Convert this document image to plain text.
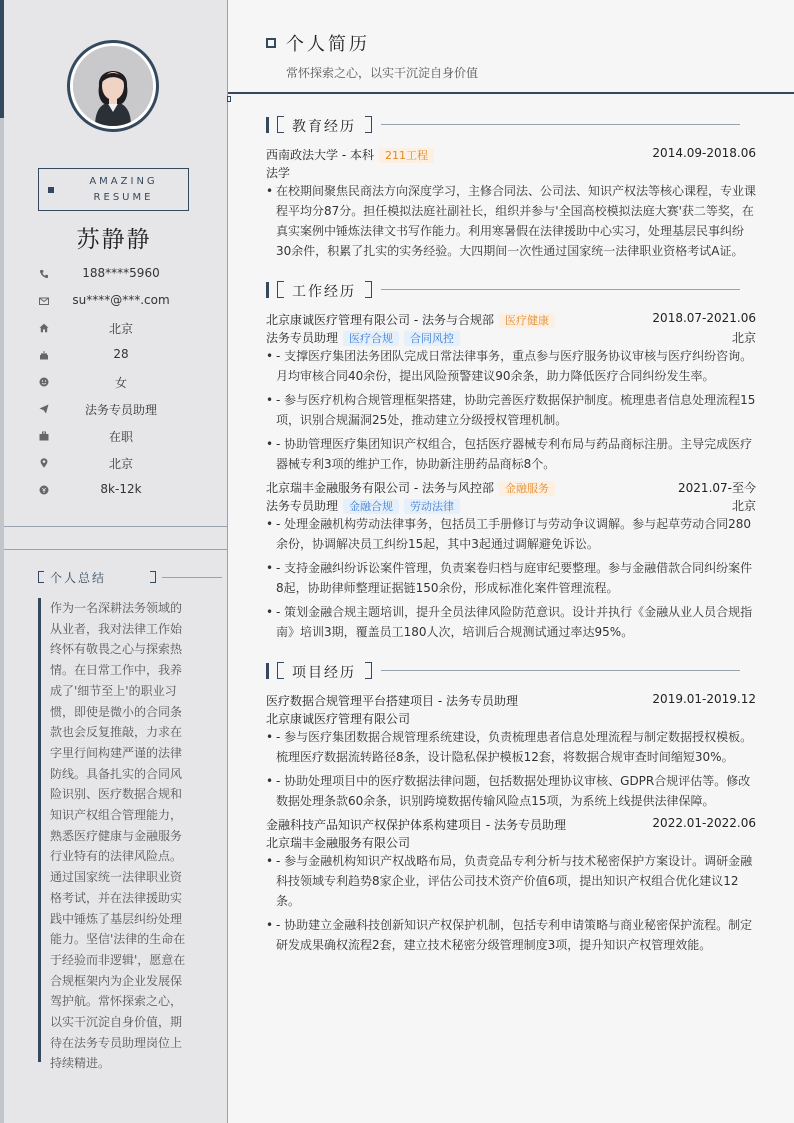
AMAZING
RESUME
苏静静
188****5960
su****@***.com
北京
28
女
法务专员助理
在职
北京
8k-12k
个人总结
作为一名深耕法务领域的从业者，我对法律工作始终怀有敬畏之心与探索热情。在日常工作中，我养成了'细节至上'的职业习惯，即使是微小的合同条款也会反复推敲，力求在字里行间构建严谨的法律防线。具备扎实的合同风险识别、医疗数据合规和知识产权组合管理能力，熟悉医疗健康与金融服务行业特有的法律风险点。通过国家统一法律职业资格考试，并在法律援助实践中锤炼了基层纠纷处理能力。坚信'法律的生命在于经验而非逻辑'，愿意在合规框架内为企业发展保驾护航。常怀探索之心，以实干沉淀自身价值，期待在法务专员助理岗位上持续精进。
个人简历
常怀探索之心，以实干沉淀自身价值
教育经历
西南政法大学 - 本科 211工程	2014.09-2018.06
法学
• 在校期间聚焦民商法方向深度学习，主修合同法、公司法、知识产权法等核心课程，专业课程平均分87分。担任模拟法庭社副社长，组织并参与'全国高校模拟法庭大赛'获二等奖，在真实案例中锤炼法律文书写作能力。利用寒暑假在法律援助中心实习，处理基层民事纠纷30余件，积累了扎实的实务经验。大四期间一次性通过国家统一法律职业资格考试A证。
工作经历
北京康诚医疗管理有限公司 - 法务与合规部 医疗健康	2018.07-2021.06
法务专员助理 医疗合规 合同风控	北京
• - 支撑医疗集团法务团队完成日常法律事务，重点参与医疗服务协议审核与医疗纠纷咨询。月均审核合同40余份，提出风险预警建议90余条，助力降低医疗合同纠纷发生率。
• - 参与医疗机构合规管理框架搭建，协助完善医疗数据保护制度。梳理患者信息处理流程15项，识别合规漏洞25处，推动建立分级授权管理机制。
• - 协助管理医疗集团知识产权组合，包括医疗器械专利布局与药品商标注册。主导完成医疗器械专利3项的维护工作，协助新注册药品商标8个。
北京瑞丰金融服务有限公司 - 法务与风控部 金融服务	2021.07-至今
法务专员助理 金融合规 劳动法律	北京
• - 处理金融机构劳动法律事务，包括员工手册修订与劳动争议调解。参与起草劳动合同280余份，协调解决员工纠纷15起，其中3起通过调解避免诉讼。
• - 支持金融纠纷诉讼案件管理，负责案卷归档与庭审纪要整理。参与金融借款合同纠纷案件8起，协助律师整理证据链150余份，形成标准化案件管理流程。
• - 策划金融合规主题培训，提升全员法律风险防范意识。设计并执行《金融从业人员合规指南》培训3期，覆盖员工180人次，培训后合规测试通过率达95%。
项目经历
医疗数据合规管理平台搭建项目 - 法务专员助理	2019.01-2019.12
北京康诚医疗管理有限公司
• - 参与医疗集团数据合规管理系统建设，负责梳理患者信息处理流程与制定数据授权模板。梳理医疗数据流转路径8条，设计隐私保护模板12套，将数据合规审查时间缩短30%。
• - 协助处理项目中的医疗数据法律问题，包括数据处理协议审核、GDPR合规评估等。修改数据处理条款60余条，识别跨境数据传输风险点15项，为系统上线提供法律保障。
金融科技产品知识产权保护体系构建项目 - 法务专员助理	2022.01-2022.06
北京瑞丰金融服务有限公司
• - 参与金融机构知识产权战略布局，负责竞品专利分析与技术秘密保护方案设计。调研金融科技领域专利趋势8家企业，评估公司技术资产价值6项，提出知识产权组合优化建议12条。
• - 协助建立金融科技创新知识产权保护机制，包括专利申请策略与商业秘密保护流程。制定研发成果确权流程2套，建立技术秘密分级管理制度3项，提升知识产权管理效能。
